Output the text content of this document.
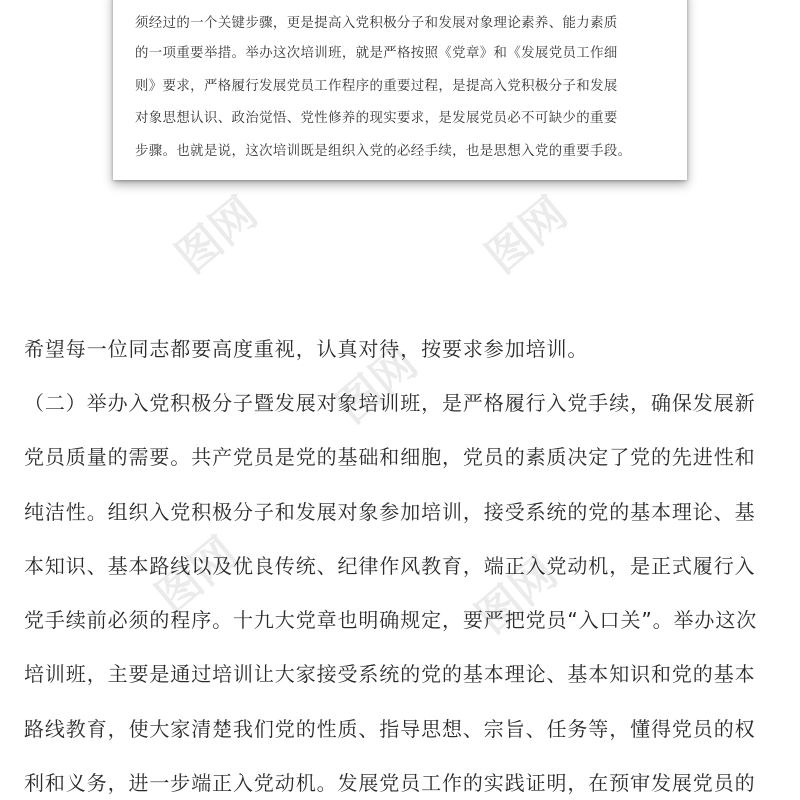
图网	图网
图网
图网	图网
须经过的一个关键步骤，更是提高入党积极分子和发展对象理论素养、能力素质
的一项重要举措。举办这次培训班，就是严格按照《党章》和《发展党员工作细
则》要求，严格履行发展党员工作程序的重要过程，是提高入党积极分子和发展
对象思想认识、政治觉悟、党性修养的现实要求，是发展党员必不可缺少的重要
步骤。也就是说，这次培训既是组织入党的必经手续，也是思想入党的重要手段。
希望每一位同志都要高度重视，认真对待，按要求参加培训。
（二）举办入党积极分子暨发展对象培训班，是严格履行入党手续，确保发展新
党员质量的需要。共产党员是党的基础和细胞，党员的素质决定了党的先进性和
纯洁性。组织入党积极分子和发展对象参加培训，接受系统的党的基本理论、基
本知识、基本路线以及优良传统、纪律作风教育，端正入党动机，是正式履行入
党手续前必须的程序。十九大党章也明确规定，要严把党员“入口关”。举办这次
培训班，主要是通过培训让大家接受系统的党的基本理论、基本知识和党的基本
路线教育，使大家清楚我们党的性质、指导思想、宗旨、任务等，懂得党员的权
利和义务，进一步端正入党动机。发展党员工作的实践证明，在预审发展党员的
